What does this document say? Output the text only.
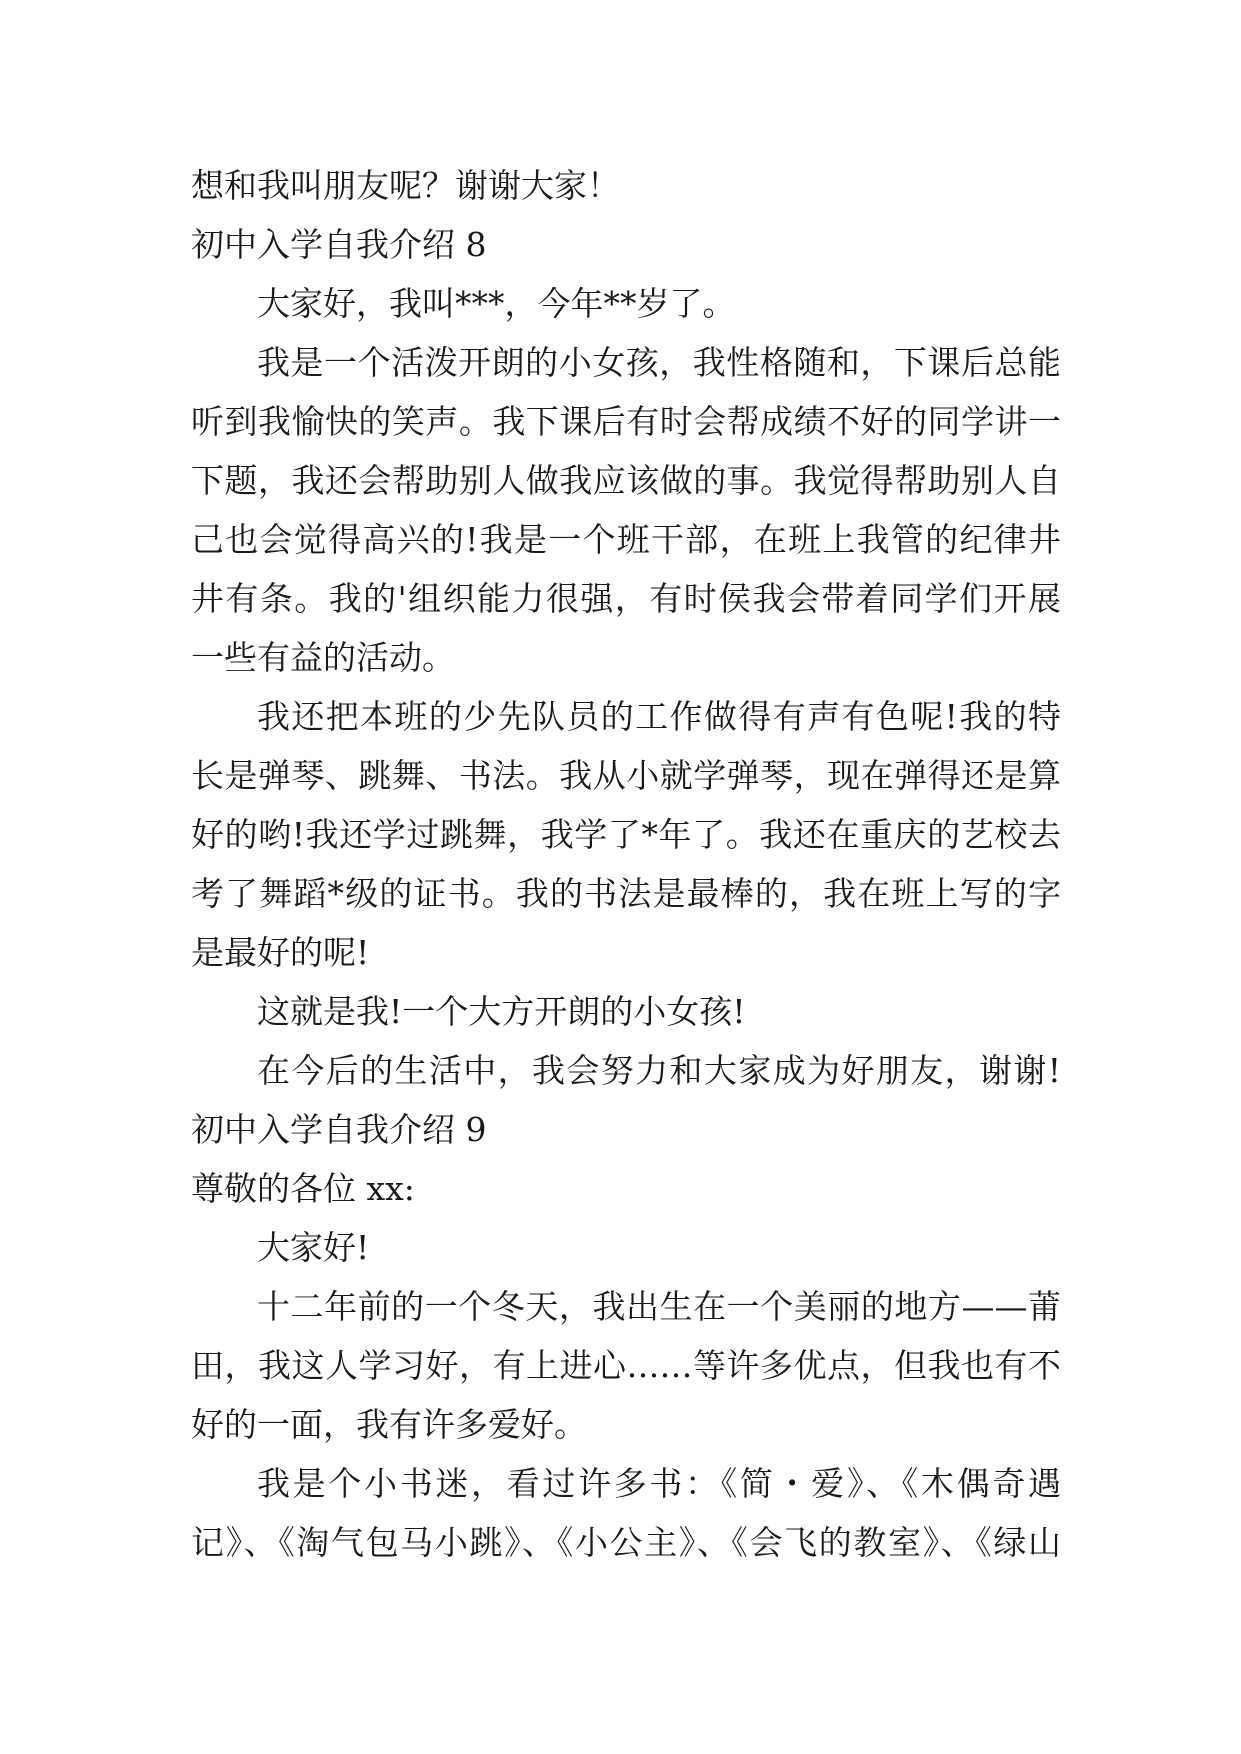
想和我叫朋友呢？谢谢大家！
初中入学自我介绍 8
大家好，我叫***，今年**岁了。
我是一个活泼开朗的小女孩，我性格随和，下课后总能
听到我愉快的笑声。我下课后有时会帮成绩不好的同学讲一
下题，我还会帮助别人做我应该做的事。我觉得帮助别人自
己也会觉得高兴的!我是一个班干部，在班上我管的纪律井
井有条。我的'组织能力很强，有时侯我会带着同学们开展
一些有益的活动。
我还把本班的少先队员的工作做得有声有色呢!我的特
长是弹琴、跳舞、书法。我从小就学弹琴，现在弹得还是算
好的哟!我还学过跳舞，我学了*年了。我还在重庆的艺校去
考了舞蹈*级的证书。我的书法是最棒的，我在班上写的字
是最好的呢!
这就是我!一个大方开朗的小女孩!
在今后的生活中，我会努力和大家成为好朋友，谢谢!
初中入学自我介绍 9
尊敬的各位 xx:
大家好!
十二年前的一个冬天，我出生在一个美丽的地方——莆
田，我这人学习好，有上进心……等许多优点，但我也有不
好的一面，我有许多爱好。
我是个小书迷，看过许多书：《简・爱》、《木偶奇遇
记》、《淘气包马小跳》、《小公主》、《会飞的教室》、《绿山
